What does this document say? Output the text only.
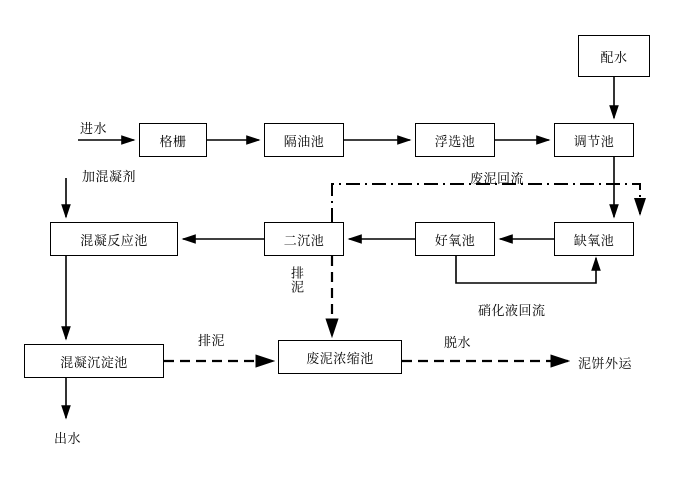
配水
格栅	隔油池	浮选池	调节池
缺氧池
好氧池
二沉池
混凝反应池
混凝沉淀池	废泥浓缩池
进水
加混凝剂	废泥回流
硝化液回流
排泥
排泥	脱水
泥饼外运
出水
